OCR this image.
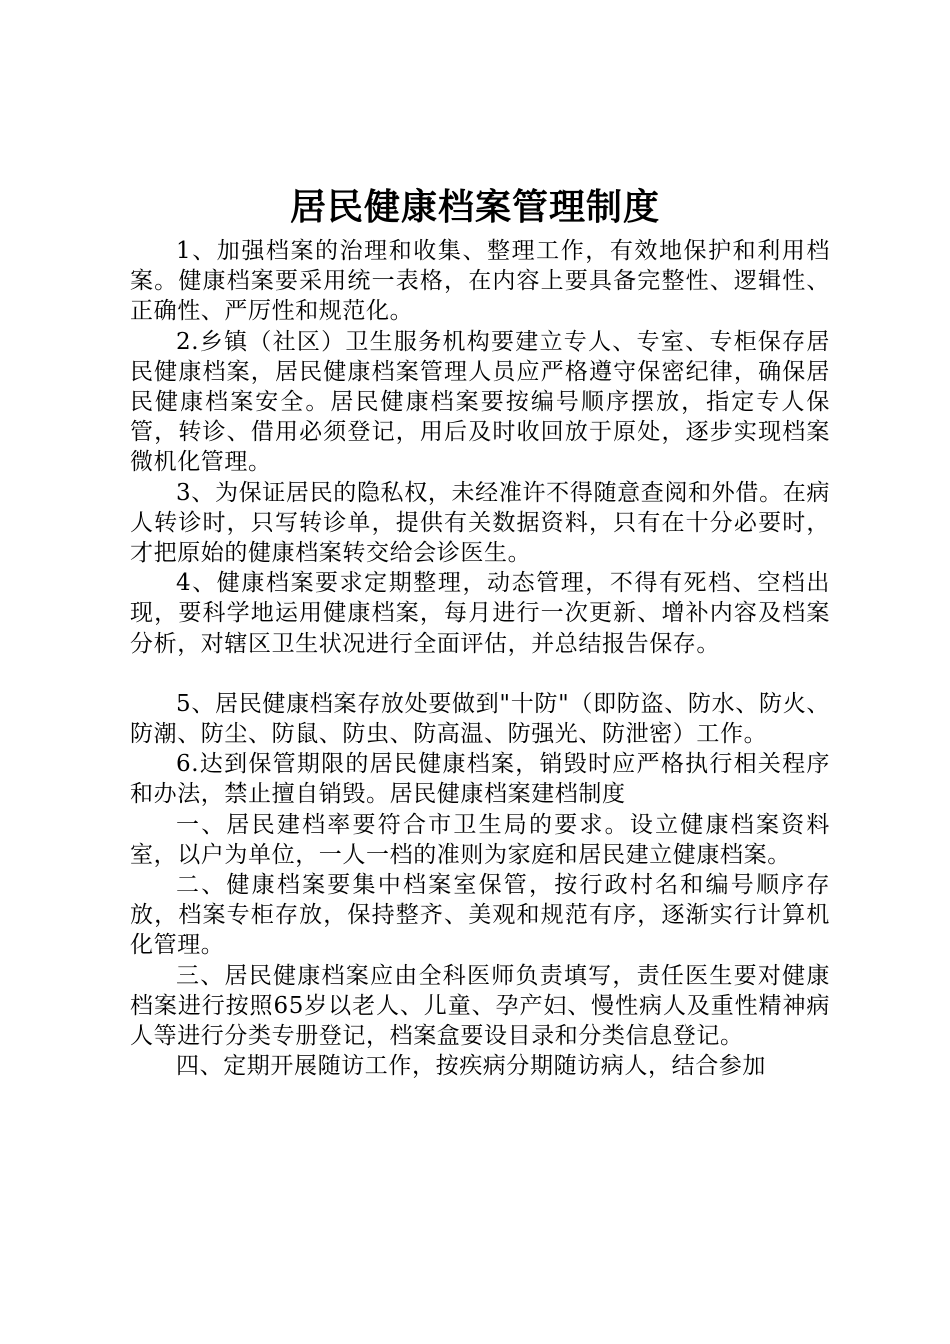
居民健康档案管理制度

1、加强档案的治理和收集、整理工作，有效地保护和利用档案。健康档案要采用统一表格，在内容上要具备完整性、逻辑性、正确性、严厉性和规范化。

2.乡镇（社区）卫生服务机构要建立专人、专室、专柜保存居民健康档案，居民健康档案管理人员应严格遵守保密纪律，确保居民健康档案安全。居民健康档案要按编号顺序摆放，指定专人保管，转诊、借用必须登记，用后及时收回放于原处，逐步实现档案微机化管理。

3、为保证居民的隐私权，未经准许不得随意查阅和外借。在病人转诊时，只写转诊单，提供有关数据资料，只有在十分必要时，才把原始的健康档案转交给会诊医生。

4、健康档案要求定期整理，动态管理，不得有死档、空档出现，要科学地运用健康档案，每月进行一次更新、增补内容及档案分析，对辖区卫生状况进行全面评估，并总结报告保存。

5、居民健康档案存放处要做到"十防"（即防盗、防水、防火、防潮、防尘、防鼠、防虫、防高温、防强光、防泄密）工作。

6.达到保管期限的居民健康档案，销毁时应严格执行相关程序和办法，禁止擅自销毁。居民健康档案建档制度

一、居民建档率要符合市卫生局的要求。设立健康档案资料室，以户为单位，一人一档的准则为家庭和居民建立健康档案。

二、健康档案要集中档案室保管，按行政村名和编号顺序存放，档案专柜存放，保持整齐、美观和规范有序，逐渐实行计算机化管理。

三、居民健康档案应由全科医师负责填写，责任医生要对健康档案进行按照65岁以老人、儿童、孕产妇、慢性病人及重性精神病人等进行分类专册登记，档案盒要设目录和分类信息登记。

四、定期开展随访工作，按疾病分期随访病人，结合参加
